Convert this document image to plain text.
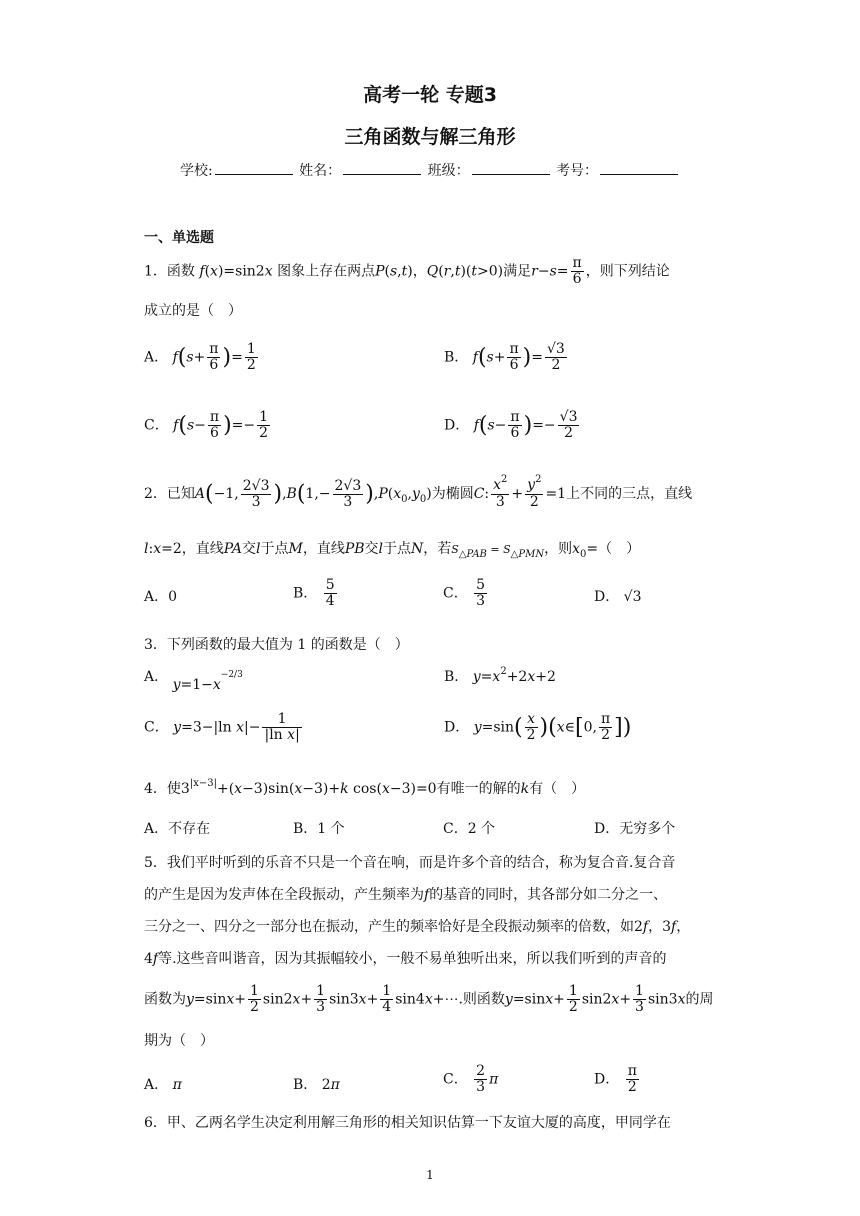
高考一轮 专题3
三角函数与解三角形
学校:	姓名：	班级：	考号：
一、单选题
1．函数 f(x)=sin2x 图象上存在两点P(s,t)，Q(r,t)(t>0)满足$r-s= \frac{\pi}{6}$ ，则下列结论
成立的是（　）
A． $f(s+ \frac{\pi}{6}$ )= $\frac{1}{2}$	B． $f(s+ \frac{\pi}{6}$ )= $\frac{√3}{2}$
C． $f(s- \frac{\pi}{6}$ )=− $\frac{1}{2}$	D． $f(s- \frac{\pi}{6}$ )=− $\frac{√3}{2}$
2．已知A(−1, $\frac{2√3}{3} ),B(1,- \frac{2√3}{3} ),P(x_0,y_0)$为椭圆C: $\frac{x^2}{3} + \frac{y^2}{2} =1$上不同的三点，直线
l:x=2，直线PA交l于点M，直线PB交l于点N，若S△PAB = S△PMN，则$x_0=$（　）
A．0	B． $\frac{5}{4}$	C． $\frac{5}{3}$	D． √3
3．下列函数的最大值为 1 的函数是（　）
A． $y=1-x^{-2/3}$	B． $y=x^2+2x+2$
C． y=3−|ln $x|- \frac{1}{\text{|ln x|}}$	D． $y=\sin( \frac{x}{2}$ )(x∈[0, $\frac{\pi}{2}$ ])
4．使$3^{|x-3|}+(x-3)\sin(x-3)+k$ cos(x−3)=0有唯一的解的k有（　）
A．不存在	B．1 个	C．2 个	D．无穷多个
5．我们平时听到的乐音不只是一个音在响，而是许多个音的结合，称为复合音.复合音
的产生是因为发声体在全段振动，产生频率为f的基音的同时，其各部分如二分之一、
三分之一、四分之一部分也在振动，产生的频率恰好是全段振动频率的倍数，如2f，3f，
4f等.这些音叫谐音，因为其振幅较小，一般不易单独听出来，所以我们听到的声音的
函数为$y=\sin x+ \frac{1}{2} \sin 2x+ \frac{1}{3} \sin 3x+ \frac{1}{4}$ sin4x+⋯.则函数$y=\sin x+ \frac{1}{2} \sin 2x+ \frac{1}{3} \sin 3x$的周
期为（　）
A． π	B． 2π	C． $\frac{2}{3}$ π	D． $\frac{\pi}{2}$
6．甲、乙两名学生决定利用解三角形的相关知识估算一下友谊大厦的高度，甲同学在
1
